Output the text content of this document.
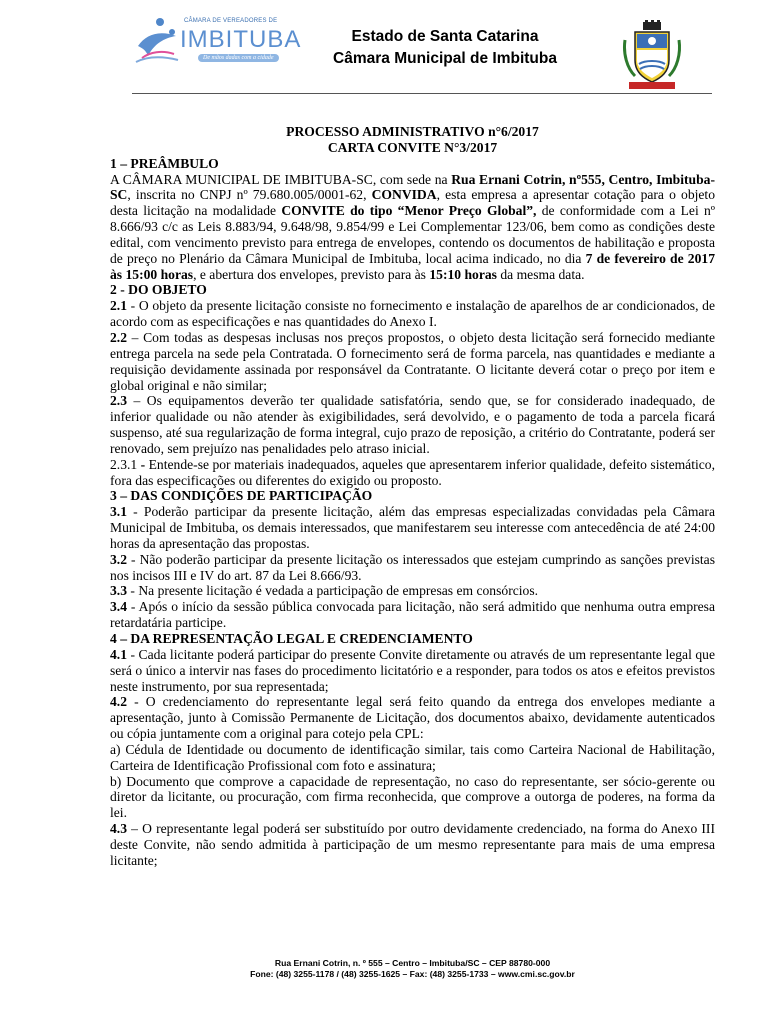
CÂMARA DE VEREADORES DE
IMBITUBA
De mãos dadas com a cidade
Estado de Santa Catarina
Câmara Municipal de Imbituba

PROCESSO ADMINISTRATIVO n°6/2017

CARTA CONVITE N°3/2017

1 – PREÂMBULO

A CÂMARA MUNICIPAL DE IMBITUBA-SC, com sede na Rua Ernani Cotrin, nº555, Centro, Imbituba-SC, inscrita no CNPJ nº 79.680.005/0001-62, CONVIDA, esta empresa a apresentar cotação para o objeto desta licitação na modalidade CONVITE do tipo “Menor Preço Global”, de conformidade com a Lei nº 8.666/93 c/c as Leis 8.883/94, 9.648/98, 9.854/99 e Lei Complementar 123/06, bem como as condições deste edital, com vencimento previsto para entrega de envelopes, contendo os documentos de habilitação e proposta de preço no Plenário da Câmara Municipal de Imbituba, local acima indicado, no dia 7 de fevereiro de 2017 às 15:00 horas, e abertura dos envelopes, previsto para às 15:10 horas da mesma data.

2 - DO OBJETO

2.1 - O objeto da presente licitação consiste no fornecimento e instalação de aparelhos de ar condicionados, de acordo com as especificações e nas quantidades do Anexo I.

2.2 – Com todas as despesas inclusas nos preços propostos, o objeto desta licitação será fornecido mediante entrega parcela na sede pela Contratada. O fornecimento será de forma parcela, nas quantidades e mediante a requisição devidamente assinada por responsável da Contratante. O licitante deverá cotar o preço por item e global original e não similar;

2.3 – Os equipamentos deverão ter qualidade satisfatória, sendo que, se for considerado inadequado, de inferior qualidade ou não atender às exigibilidades, será devolvido, e o pagamento de toda a parcela ficará suspenso, até sua regularização de forma integral, cujo prazo de reposição, a critério do Contratante, poderá ser renovado, sem prejuízo nas penalidades pelo atraso inicial.

2.3.1 - Entende-se por materiais inadequados, aqueles que apresentarem inferior qualidade, defeito sistemático, fora das especificações ou diferentes do exigido ou proposto.

3 – DAS CONDIÇÕES DE PARTICIPAÇÃO

3.1 - Poderão participar da presente licitação, além das empresas especializadas convidadas pela Câmara Municipal de Imbituba, os demais interessados, que manifestarem seu interesse com antecedência de até 24:00 horas da apresentação das propostas.

3.2 - Não poderão participar da presente licitação os interessados que estejam cumprindo as sanções previstas nos incisos III e IV do art. 87 da Lei 8.666/93.

3.3 - Na presente licitação é vedada a participação de empresas em consórcios.

3.4 - Após o início da sessão pública convocada para licitação, não será admitido que nenhuma outra empresa retardatária participe.

4 – DA REPRESENTAÇÃO LEGAL E CREDENCIAMENTO

4.1 - Cada licitante poderá participar do presente Convite diretamente ou através de um representante legal que será o único a intervir nas fases do procedimento licitatório e a responder, para todos os atos e efeitos previstos neste instrumento, por sua representada;

4.2 - O credenciamento do representante legal será feito quando da entrega dos envelopes mediante a apresentação, junto à Comissão Permanente de Licitação, dos documentos abaixo, devidamente autenticados ou cópia juntamente com a original para cotejo pela CPL:

a) Cédula de Identidade ou documento de identificação similar, tais como Carteira Nacional de Habilitação, Carteira de Identificação Profissional com foto e assinatura;

b) Documento que comprove a capacidade de representação, no caso do representante, ser sócio-gerente ou diretor da licitante, ou procuração, com firma reconhecida, que comprove a outorga de poderes, na forma da lei.

4.3 – O representante legal poderá ser substituído por outro devidamente credenciado, na forma do Anexo III deste Convite, não sendo admitida à participação de um mesmo representante para mais de uma empresa licitante;

Rua Ernani Cotrin, n. º 555 – Centro – Imbituba/SC – CEP 88780-000
Fone: (48) 3255-1178 / (48) 3255-1625 – Fax: (48) 3255-1733 – www.cmi.sc.gov.br
